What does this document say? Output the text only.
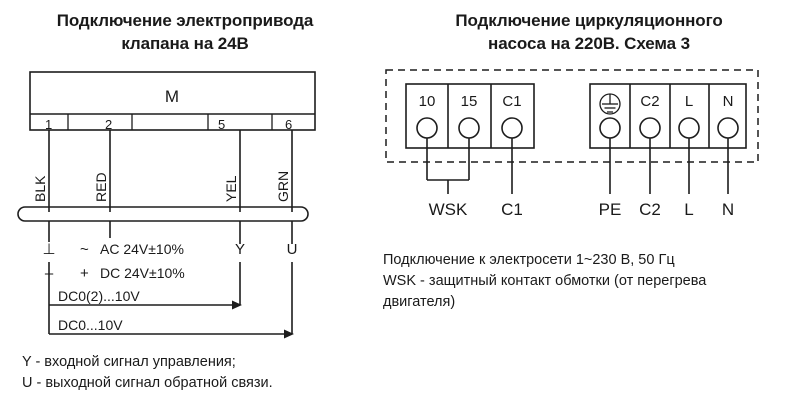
Подключение электропривода
клапана на 24В
M
1	2	5	6
BLK	RED	YEL	GRN
⊥ ~ AC 24V±10%	Y	U
– + DC 24V±10%
DC0(2)...10V
DC0...10V
Y - входной сигнал управления;
U - выходной сигнал обратной связи.
Подключение циркуляционного
насоса на 220В. Схема 3
10 15 C1	C2 L N
WSK C1	PE C2 L N
Подключение к электросети 1~230 В, 50 Гц
WSK - защитный контакт обмотки (от перегрева
двигателя)
